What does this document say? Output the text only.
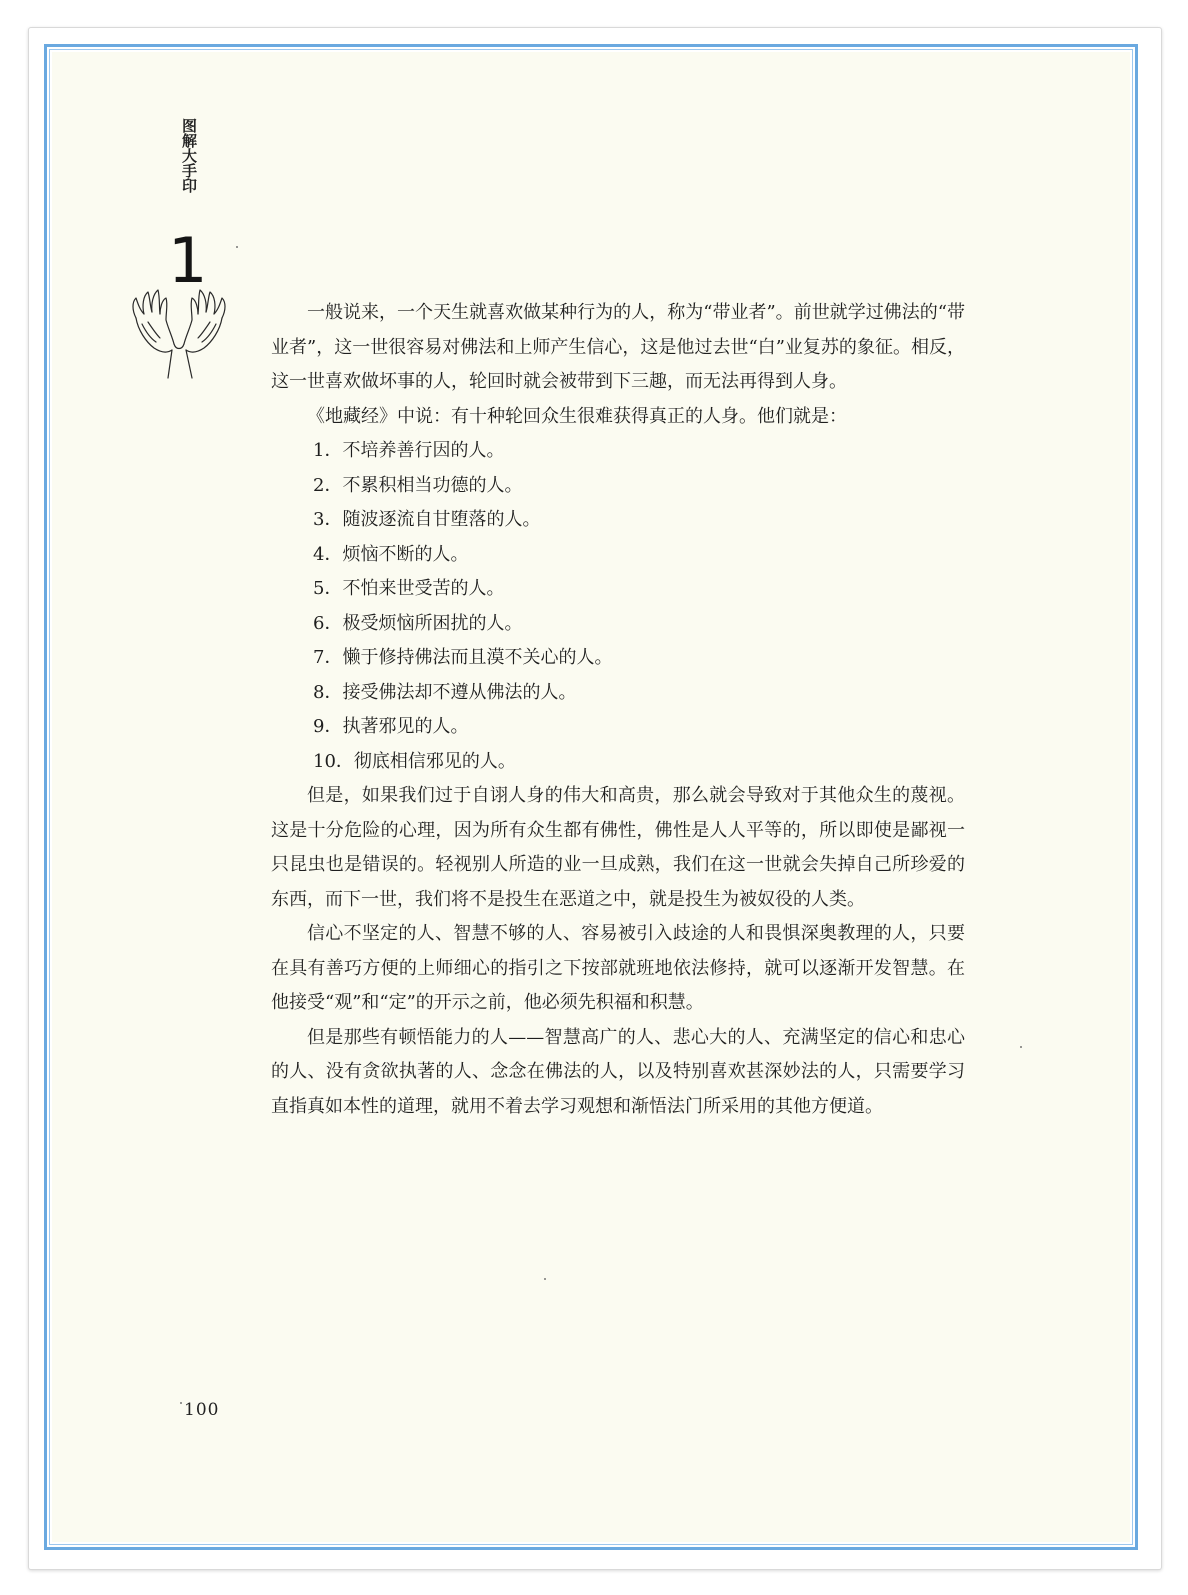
图解大手印
1

一般说来，一个天生就喜欢做某种行为的人，称为“带业者”。前世就学过佛法的“带业者”，这一世很容易对佛法和上师产生信心，这是他过去世“白”业复苏的象征。相反，这一世喜欢做坏事的人，轮回时就会被带到下三趣，而无法再得到人身。

《地藏经》中说：有十种轮回众生很难获得真正的人身。他们就是：

1．不培养善行因的人。

2．不累积相当功德的人。

3．随波逐流自甘堕落的人。

4．烦恼不断的人。

5．不怕来世受苦的人。

6．极受烦恼所困扰的人。

7．懒于修持佛法而且漠不关心的人。

8．接受佛法却不遵从佛法的人。

9．执著邪见的人。

10．彻底相信邪见的人。

但是，如果我们过于自诩人身的伟大和高贵，那么就会导致对于其他众生的蔑视。这是十分危险的心理，因为所有众生都有佛性，佛性是人人平等的，所以即使是鄙视一只昆虫也是错误的。轻视别人所造的业一旦成熟，我们在这一世就会失掉自己所珍爱的东西，而下一世，我们将不是投生在恶道之中，就是投生为被奴役的人类。

信心不坚定的人、智慧不够的人、容易被引入歧途的人和畏惧深奥教理的人，只要在具有善巧方便的上师细心的指引之下按部就班地依法修持，就可以逐渐开发智慧。在他接受“观”和“定”的开示之前，他必须先积福和积慧。

但是那些有顿悟能力的人——智慧高广的人、悲心大的人、充满坚定的信心和忠心的人、没有贪欲执著的人、念念在佛法的人，以及特别喜欢甚深妙法的人，只需要学习直指真如本性的道理，就用不着去学习观想和渐悟法门所采用的其他方便道。

100
